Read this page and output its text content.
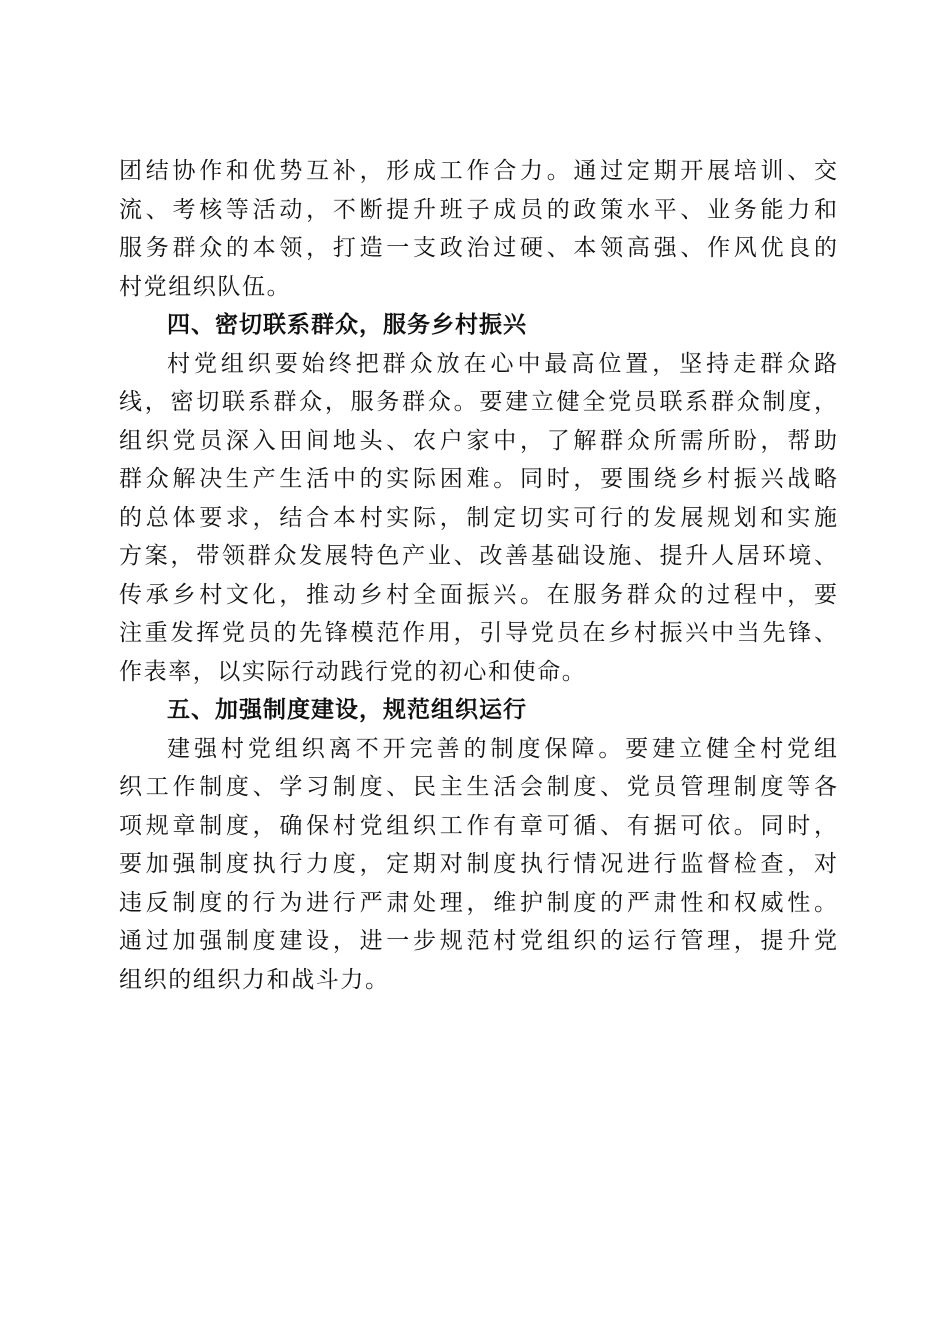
团结协作和优势互补，形成工作合力。通过定期开展培训、交
流、考核等活动，不断提升班子成员的政策水平、业务能力和
服务群众的本领，打造一支政治过硬、本领高强、作风优良的
村党组织队伍。
四、密切联系群众，服务乡村振兴
村党组织要始终把群众放在心中最高位置，坚持走群众路
线，密切联系群众，服务群众。要建立健全党员联系群众制度，
组织党员深入田间地头、农户家中，了解群众所需所盼，帮助
群众解决生产生活中的实际困难。同时，要围绕乡村振兴战略
的总体要求，结合本村实际，制定切实可行的发展规划和实施
方案，带领群众发展特色产业、改善基础设施、提升人居环境、
传承乡村文化，推动乡村全面振兴。在服务群众的过程中，要
注重发挥党员的先锋模范作用，引导党员在乡村振兴中当先锋、
作表率，以实际行动践行党的初心和使命。
五、加强制度建设，规范组织运行
建强村党组织离不开完善的制度保障。要建立健全村党组
织工作制度、学习制度、民主生活会制度、党员管理制度等各
项规章制度，确保村党组织工作有章可循、有据可依。同时，
要加强制度执行力度，定期对制度执行情况进行监督检查，对
违反制度的行为进行严肃处理，维护制度的严肃性和权威性。
通过加强制度建设，进一步规范村党组织的运行管理，提升党
组织的组织力和战斗力。
